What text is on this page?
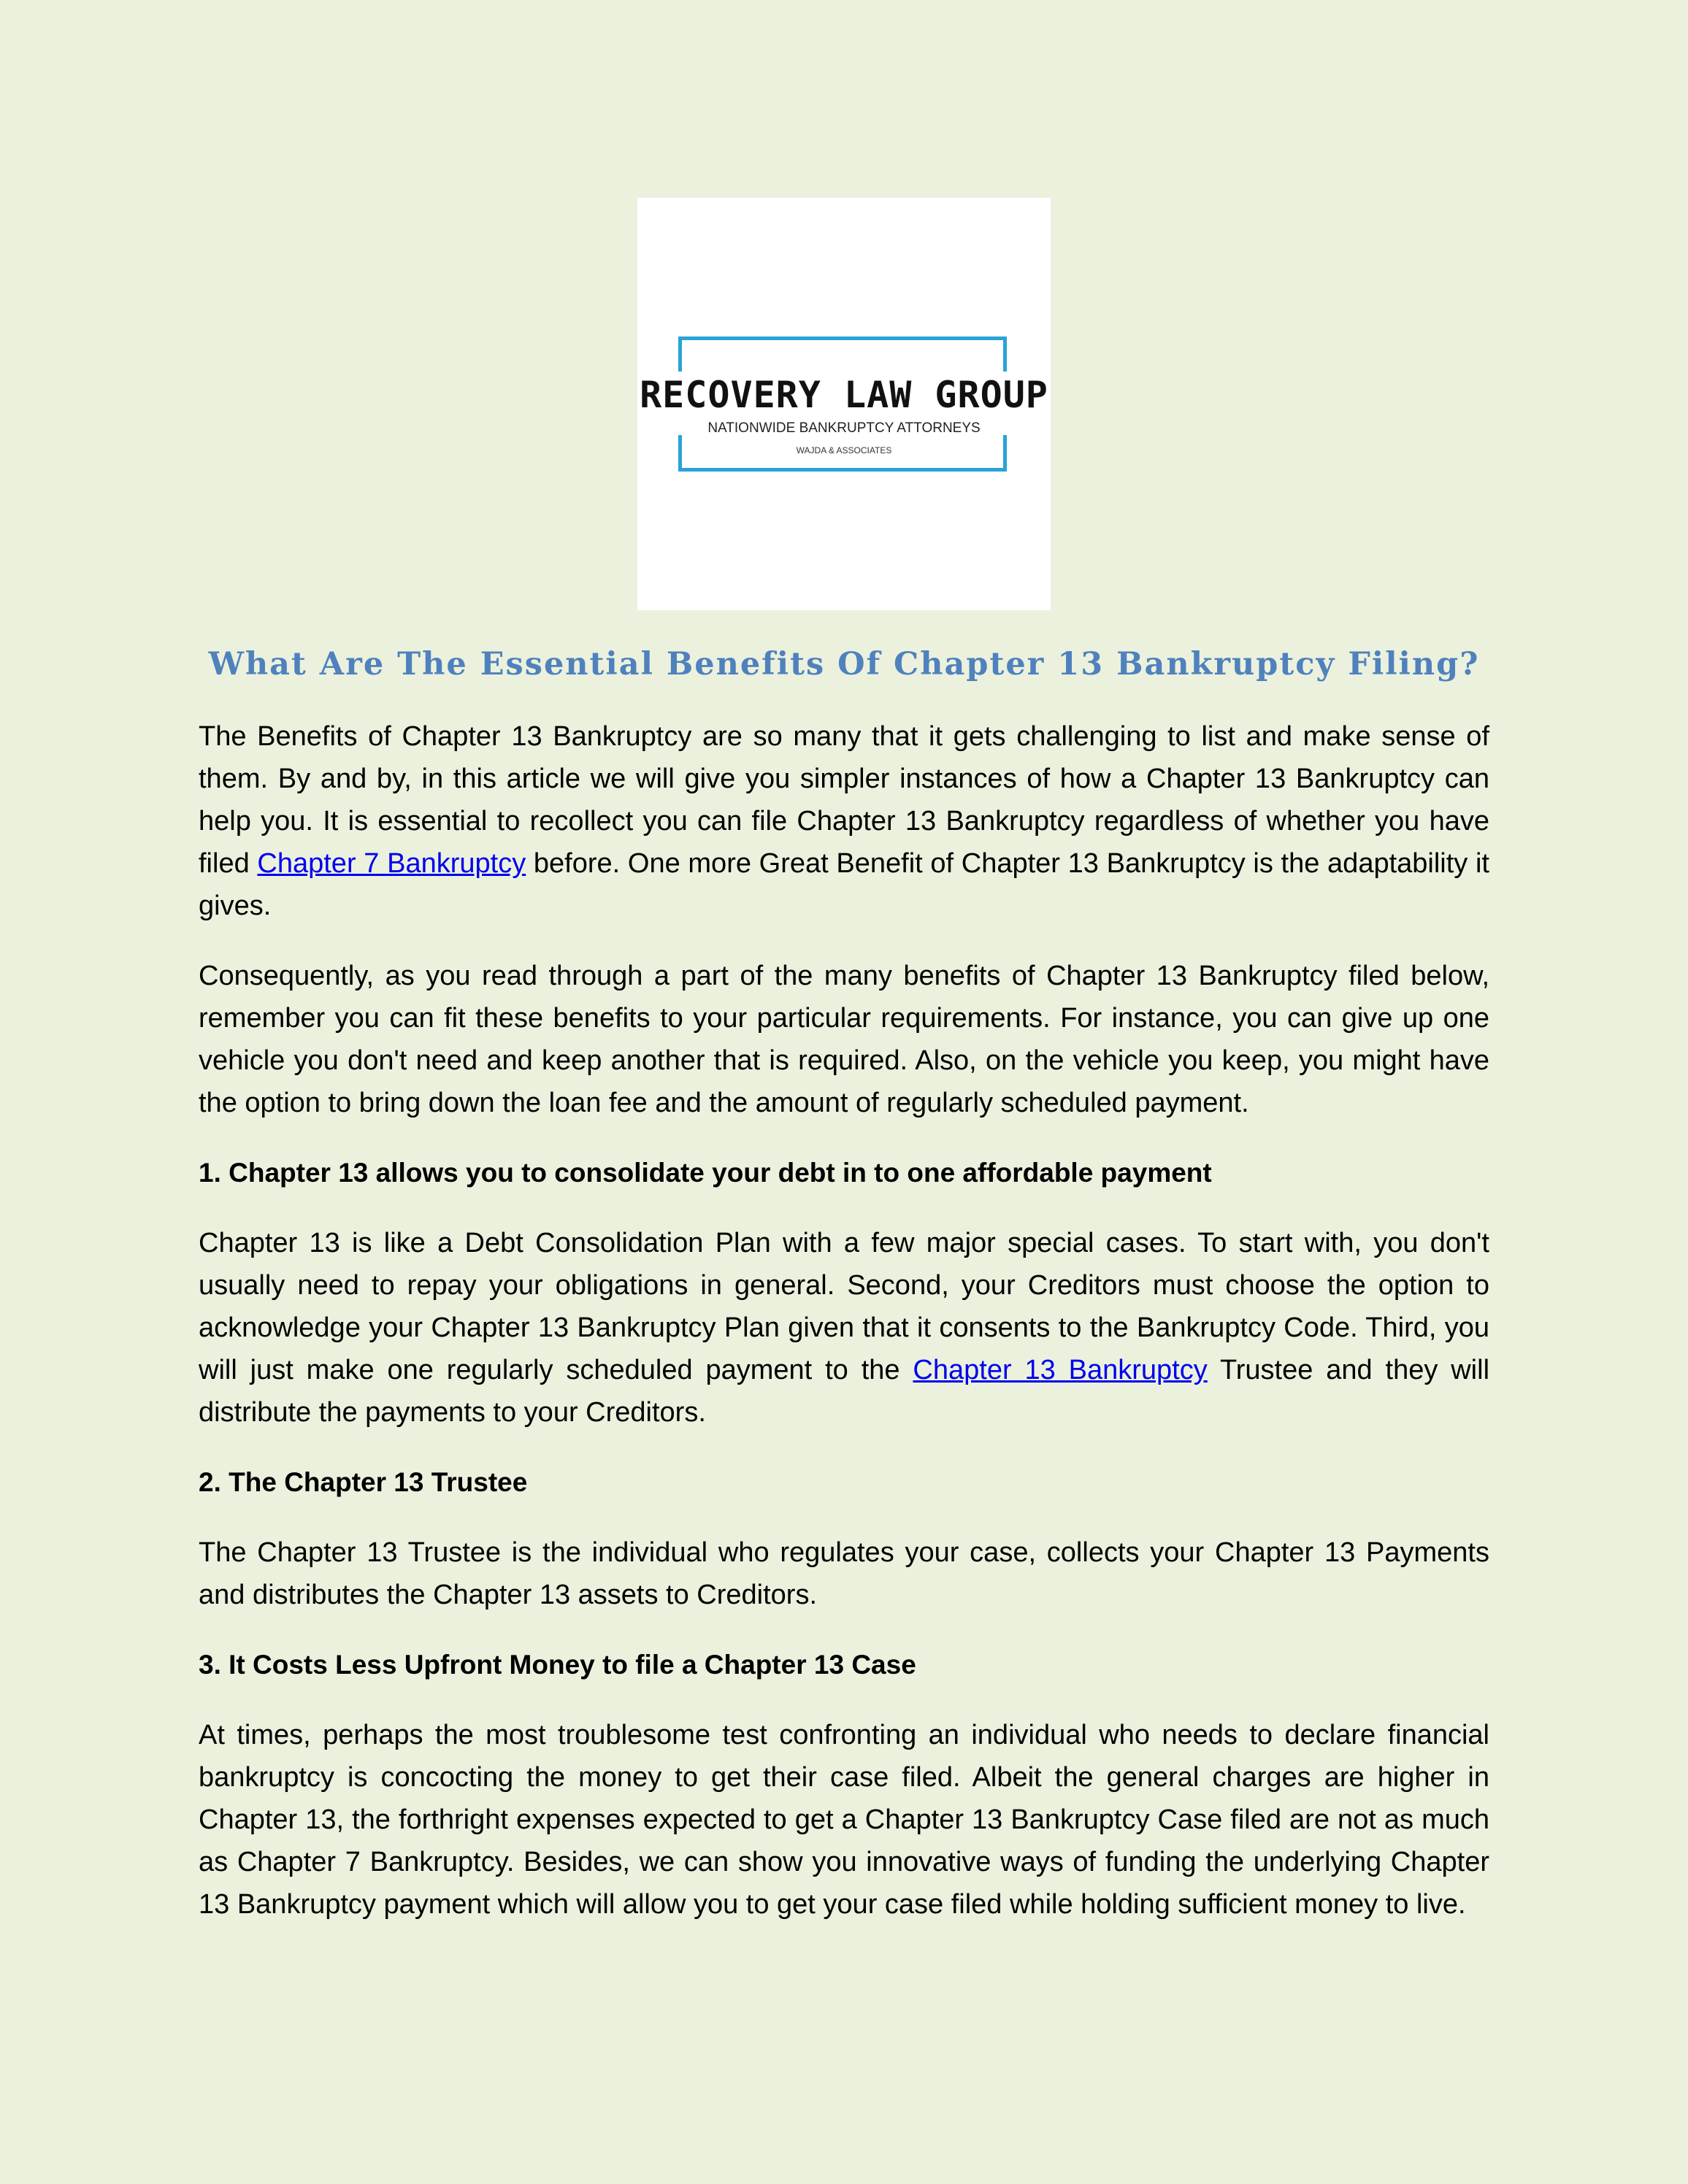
RECOVERY LAW GROUP
NATIONWIDE BANKRUPTCY ATTORNEYS
WAJDA & ASSOCIATES
What Are The Essential Benefits Of Chapter 13 Bankruptcy Filing?

The Benefits of Chapter 13 Bankruptcy are so many that it gets challenging to list and make sense of them. By and by, in this article we will give you simpler instances of how a Chapter 13 Bankruptcy can help you. It is essential to recollect you can file Chapter 13 Bankruptcy regardless of whether you have filed Chapter 7 Bankruptcy before. One more Great Benefit of Chapter 13 Bankruptcy is the adaptability it gives.

Consequently, as you read through a part of the many benefits of Chapter 13 Bankruptcy filed below, remember you can fit these benefits to your particular requirements. For instance, you can give up one vehicle you don't need and keep another that is required. Also, on the vehicle you keep, you might have the option to bring down the loan fee and the amount of regularly scheduled payment.

1. Chapter 13 allows you to consolidate your debt in to one affordable payment

Chapter 13 is like a Debt Consolidation Plan with a few major special cases. To start with, you don't usually need to repay your obligations in general. Second, your Creditors must choose the option to acknowledge your Chapter 13 Bankruptcy Plan given that it consents to the Bankruptcy Code. Third, you will just make one regularly scheduled payment to the Chapter 13 Bankruptcy Trustee and they will distribute the payments to your Creditors.

2. The Chapter 13 Trustee

The Chapter 13 Trustee is the individual who regulates your case, collects your Chapter 13 Payments and distributes the Chapter 13 assets to Creditors.

3. It Costs Less Upfront Money to file a Chapter 13 Case

At times, perhaps the most troublesome test confronting an individual who needs to declare financial bankruptcy is concocting the money to get their case filed. Albeit the general charges are higher in Chapter 13, the forthright expenses expected to get a Chapter 13 Bankruptcy Case filed are not as much as Chapter 7 Bankruptcy. Besides, we can show you innovative ways of funding the underlying Chapter 13 Bankruptcy payment which will allow you to get your case filed while holding sufficient money to live.
